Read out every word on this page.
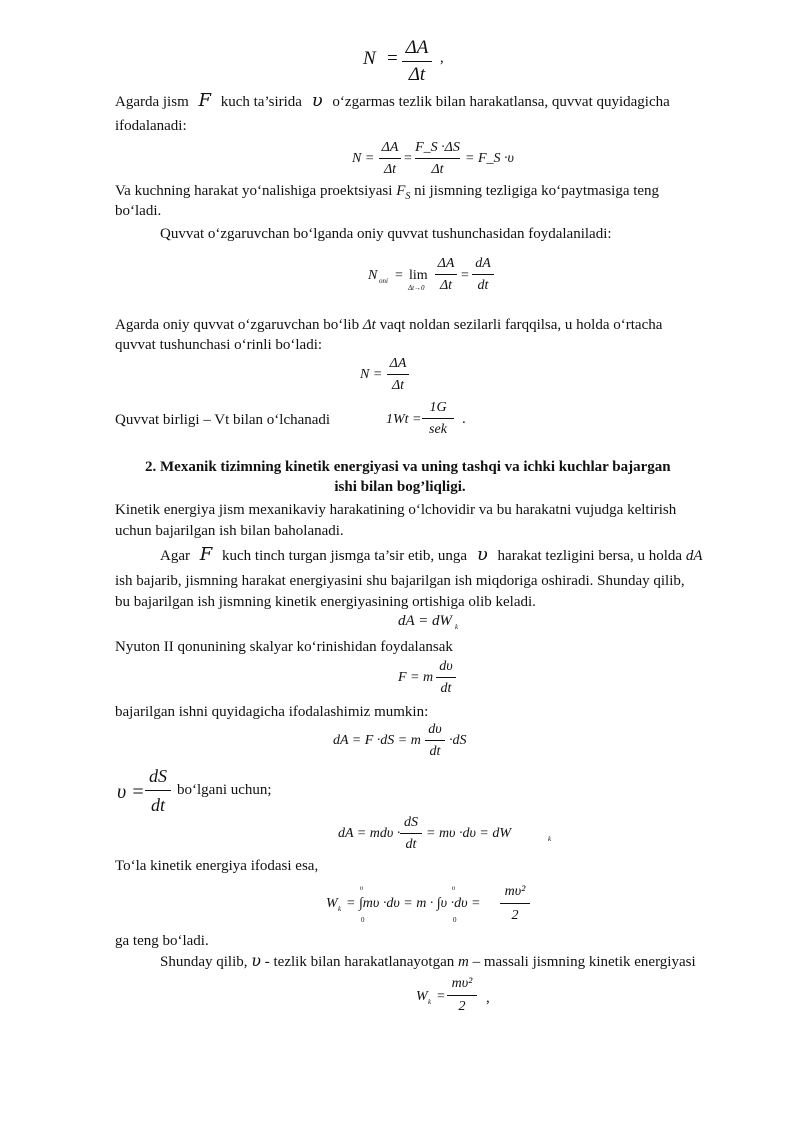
N =
ΔA
Δt
,
Agarda jism F kuch ta’sirida υ o‘zgarmas tezlik bilan harakatlansa, quvvat quyidagicha
ifodalanadi:
N =
ΔA
Δt
=
F_S ·ΔS
Δt
= F_S ·υ
Va kuchning harakat yo‘nalishiga proektsiyasi $F_S$ ni jismning tezligiga ko‘paytmasiga teng
bo‘ladi.
Quvvat o‘zgaruvchan bo‘lganda oniy quvvat tushunchasidan foydalaniladi:
N oni = lim
Δt→0
ΔA
Δt
=
dA
dt
Agarda oniy quvvat o‘zgaruvchan bo‘lib Δt vaqt noldan sezilarli farqqilsa, u holda o‘rtacha
quvvat tushunchasi o‘rinli bo‘ladi:
N =
ΔA
Δt
Quvvat birligi – Vt bilan o‘lchanadi	1Wt =
1G
sek
.
2. Mexanik tizimning kinetik energiyasi va uning tashqi va ichki kuchlar bajargan
ishi bilan bog’liqligi.
Kinetik energiya jism mexanikaviy harakatining o‘lchovidir va bu harakatni vujudga keltirish
uchun bajarilgan ish bilan baholanadi.
Agar F kuch tinch turgan jismga ta’sir etib, unga υ harakat tezligini bersa, u holda dA
ish bajarib, jismning harakat energiyasini shu bajarilgan ish miqdoriga oshiradi. Shunday qilib,
bu bajarilgan ish jismning kinetik energiyasining ortishiga olib keladi.
dA = dW k
Nyuton II qonunining skalyar ko‘rinishidan foydalansak
F = m
dυ
dt
bajarilgan ishni quyidagicha ifodalashimiz mumkin:
dA = F ·dS = m
dυ
dt
·dS
υ =
dS
dt
bo‘lgani uchun;
dA = mdυ ·
dS
dt
= mυ ·dυ = dW	k
To‘la kinetik energiya ifodasi esa,
W k = ∫mυ ·dυ = m · ∫υ ·dυ =
υ
0
υ
0
mυ²
2
ga teng bo‘ladi.
Shunday qilib, υ - tezlik bilan harakatlanayotgan m – massali jismning kinetik energiyasi
W k =
mυ²
2
,
